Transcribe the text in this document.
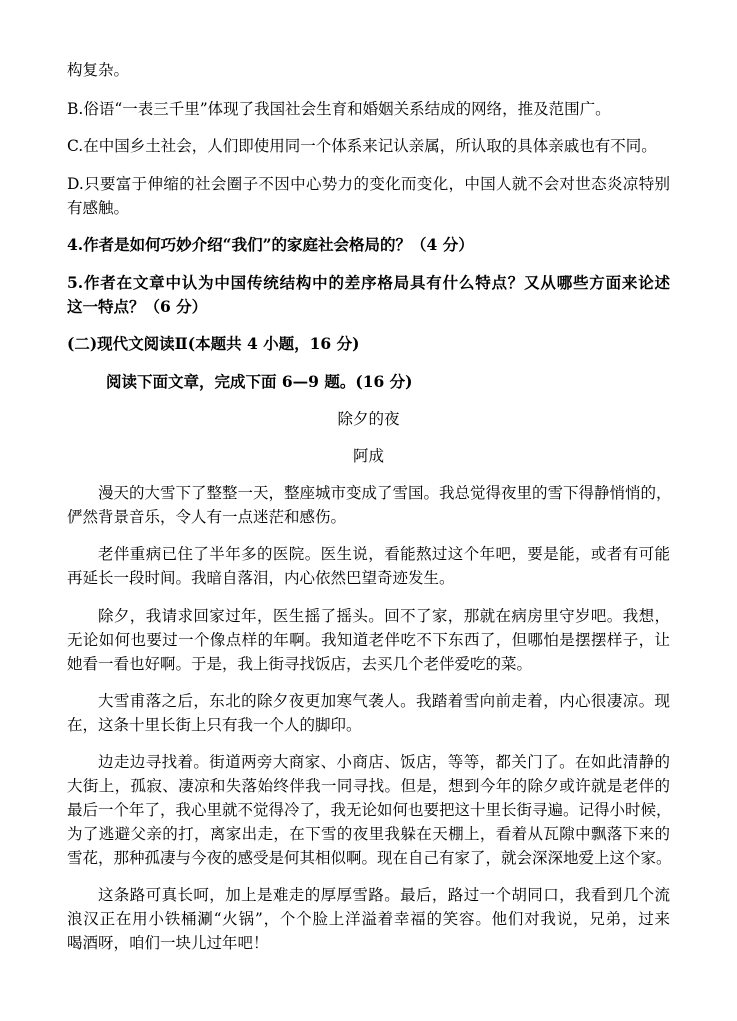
构复杂。
B.俗语“一表三千里”体现了我国社会生育和婚姻关系结成的网络，推及范围广。
C.在中国乡土社会，人们即使用同一个体系来记认亲属，所认取的具体亲戚也有不同。
D.只要富于伸缩的社会圈子不因中心势力的变化而变化，中国人就不会对世态炎凉特别
有感触。
4.作者是如何巧妙介绍“我们”的家庭社会格局的？（4 分）
5.作者在文章中认为中国传统结构中的差序格局具有什么特点？又从哪些方面来论述
这一特点？（6 分）
(二)现代文阅读Ⅱ(本题共 4 小题，16 分)
阅读下面文章，完成下面 6—9 题。(16 分)
除夕的夜
阿成
漫天的大雪下了整整一天，整座城市变成了雪国。我总觉得夜里的雪下得静悄悄的，
俨然背景音乐，令人有一点迷茫和感伤。
老伴重病已住了半年多的医院。医生说，看能熬过这个年吧，要是能，或者有可能
再延长一段时间。我暗自落泪，内心依然巴望奇迹发生。
除夕，我请求回家过年，医生摇了摇头。回不了家，那就在病房里守岁吧。我想，
无论如何也要过一个像点样的年啊。我知道老伴吃不下东西了，但哪怕是摆摆样子，让
她看一看也好啊。于是，我上街寻找饭店，去买几个老伴爱吃的菜。
大雪甫落之后，东北的除夕夜更加寒气袭人。我踏着雪向前走着，内心很凄凉。现
在，这条十里长街上只有我一个人的脚印。
边走边寻找着。街道两旁大商家、小商店、饭店，等等，都关门了。在如此清静的
大街上，孤寂、凄凉和失落始终伴我一同寻找。但是，想到今年的除夕或许就是老伴的
最后一个年了，我心里就不觉得冷了，我无论如何也要把这十里长街寻遍。记得小时候，
为了逃避父亲的打，离家出走，在下雪的夜里我躲在天棚上，看着从瓦隙中飘落下来的
雪花，那种孤凄与今夜的感受是何其相似啊。现在自己有家了，就会深深地爱上这个家。
这条路可真长呵，加上是难走的厚厚雪路。最后，路过一个胡同口，我看到几个流
浪汉正在用小铁桶涮“火锅”，个个脸上洋溢着幸福的笑容。他们对我说，兄弟，过来
喝酒呀，咱们一块儿过年吧！
